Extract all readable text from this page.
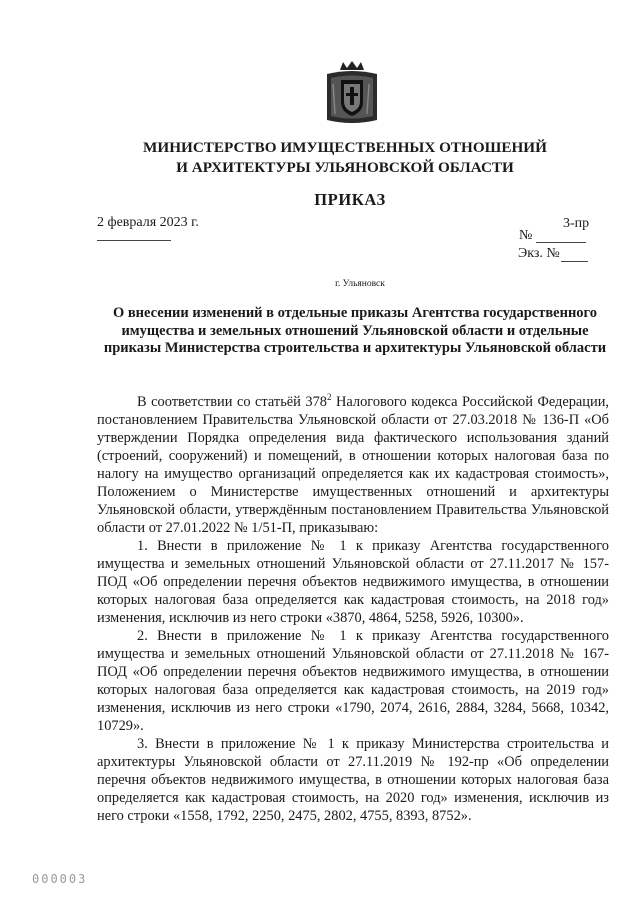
МИНИСТЕРСТВО ИМУЩЕСТВЕННЫХ ОТНОШЕНИЙ
И АРХИТЕКТУРЫ УЛЬЯНОВСКОЙ ОБЛАСТИ
ПРИКАЗ
2 февраля 2023 г.	3-пр
№
Экз. №
г. Ульяновск
О внесении изменений в отдельные приказы Агентства государственного имущества и земельных отношений Ульяновской области и отдельные приказы Министерства строительства и архитектуры Ульяновской области

В соответствии со статьёй $378^2$ Налогового кодекса Российской Федерации, постановлением Правительства Ульяновской области от 27.03.2018 № 136-П «Об утверждении Порядка определения вида фактического использования зданий (строений, сооружений) и помещений, в отношении которых налоговая база по налогу на имущество организаций определяется как их кадастровая стоимость», Положением о Министерстве имущественных отношений и архитектуры Ульяновской области, утверждённым постановлением Правительства Ульяновской области от 27.01.2022 № 1/51-П, приказываю:

1. Внести в приложение № 1 к приказу Агентства государственного имущества и земельных отношений Ульяновской области от 27.11.2017 № 157-ПОД «Об определении перечня объектов недвижимого имущества, в отношении которых налоговая база определяется как кадастровая стоимость, на 2018 год» изменения, исключив из него строки «3870, 4864, 5258, 5926, 10300».

2. Внести в приложение № 1 к приказу Агентства государственного имущества и земельных отношений Ульяновской области от 27.11.2018 № 167-ПОД «Об определении перечня объектов недвижимого имущества, в отношении которых налоговая база определяется как кадастровая стоимость, на 2019 год» изменения, исключив из него строки «1790, 2074, 2616, 2884, 3284, 5668, 10342, 10729».

3. Внести в приложение № 1 к приказу Министерства строительства и архитектуры Ульяновской области от 27.11.2019 № 192-пр «Об определении перечня объектов недвижимого имущества, в отношении которых налоговая база определяется как кадастровая стоимость, на 2020 год» изменения, исключив из него строки «1558, 1792, 2250, 2475, 2802, 4755, 8393, 8752».

000003
